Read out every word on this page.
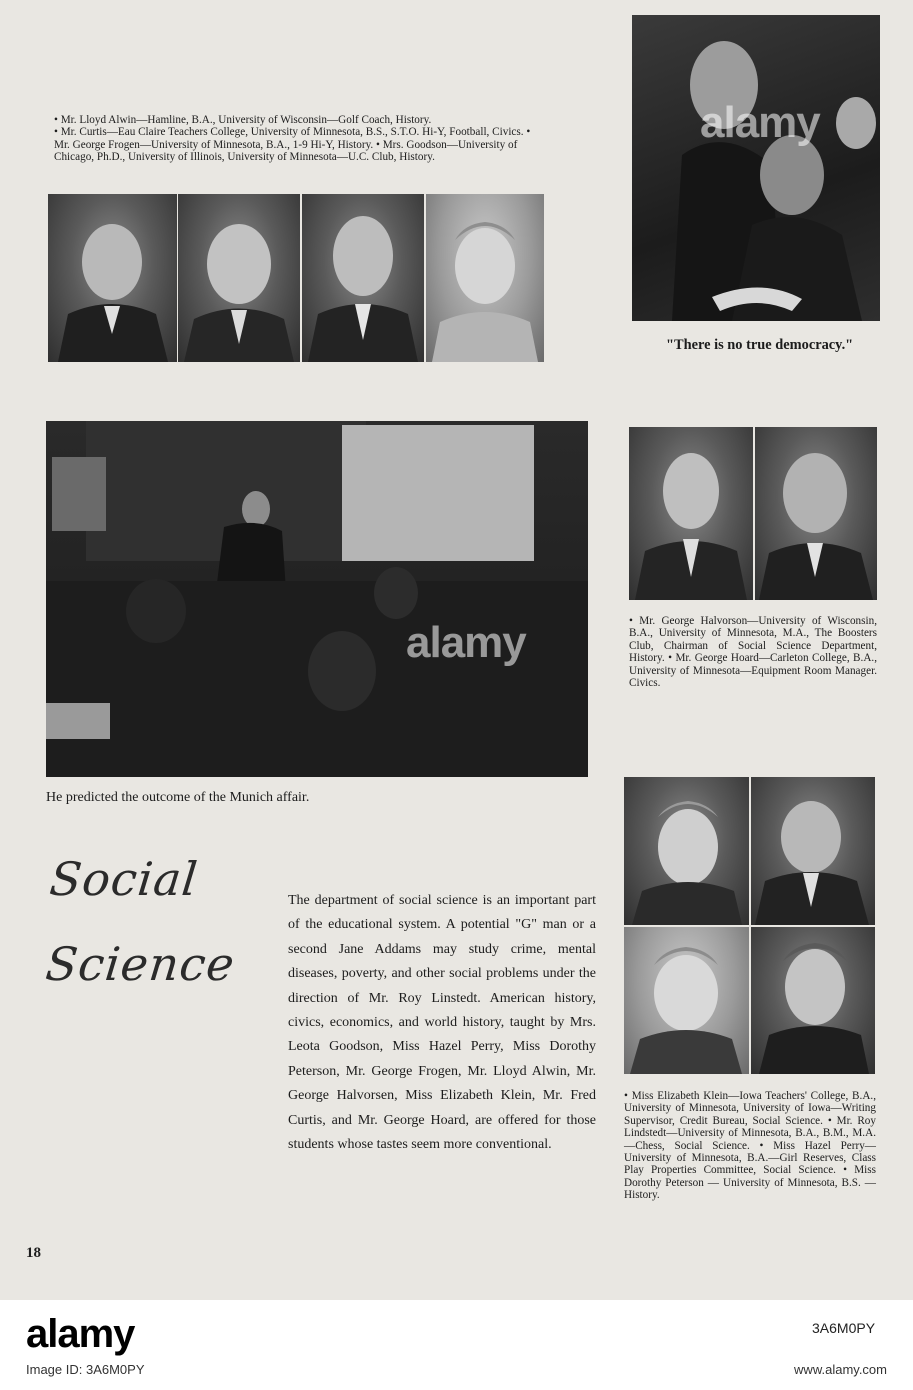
• Mr. Lloyd Alwin—Hamline, B.A., University of Wisconsin—Golf Coach, History.

• Mr. Curtis—Eau Claire Teachers College, University of Minnesota, B.S., S.T.O. Hi-Y, Football, Civics. • Mr. George Frogen—University of Minnesota, B.A., 1-9 Hi-Y, History. • Mrs. Goodson—University of Chicago, Ph.D., University of Illinois, University of Minnesota—U.C. Club, History.

"There is no true democracy."

He predicted the outcome of the Munich affair.

• Mr. George Halvorson—University of Wisconsin, B.A., University of Minnesota, M.A., The Boosters Club, Chairman of Social Science Department, History. • Mr. George Hoard—Carleton College, B.A., University of Minnesota—Equipment Room Manager. Civics.

• Miss Elizabeth Klein—Iowa Teachers' College, B.A., University of Minnesota, University of Iowa—Writing Supervisor, Credit Bureau, Social Science. • Mr. Roy Lindstedt—University of Minnesota, B.A., B.M., M.A.—Chess, Social Science. • Miss Hazel Perry—University of Minnesota, B.A.—Girl Reserves, Class Play Properties Committee, Social Science. • Miss Dorothy Peterson — University of Minnesota, B.S. — History.

Social

Science

The department of social science is an important part of the educational system. A potential "G" man or a second Jane Addams may study crime, mental diseases, poverty, and other social problems under the direction of Mr. Roy Linstedt. American history, civics, economics, and world history, taught by Mrs. Leota Goodson, Miss Hazel Perry, Miss Dorothy Peterson, Mr. George Frogen, Mr. Lloyd Alwin, Mr. George Halvorsen, Miss Elizabeth Klein, Mr. Fred Curtis, and Mr. George Hoard, are offered for those students whose tastes seem more conventional.
18
alamy
alamy
alamy
Image ID: 3A6M0PY
3A6M0PY
www.alamy.com
